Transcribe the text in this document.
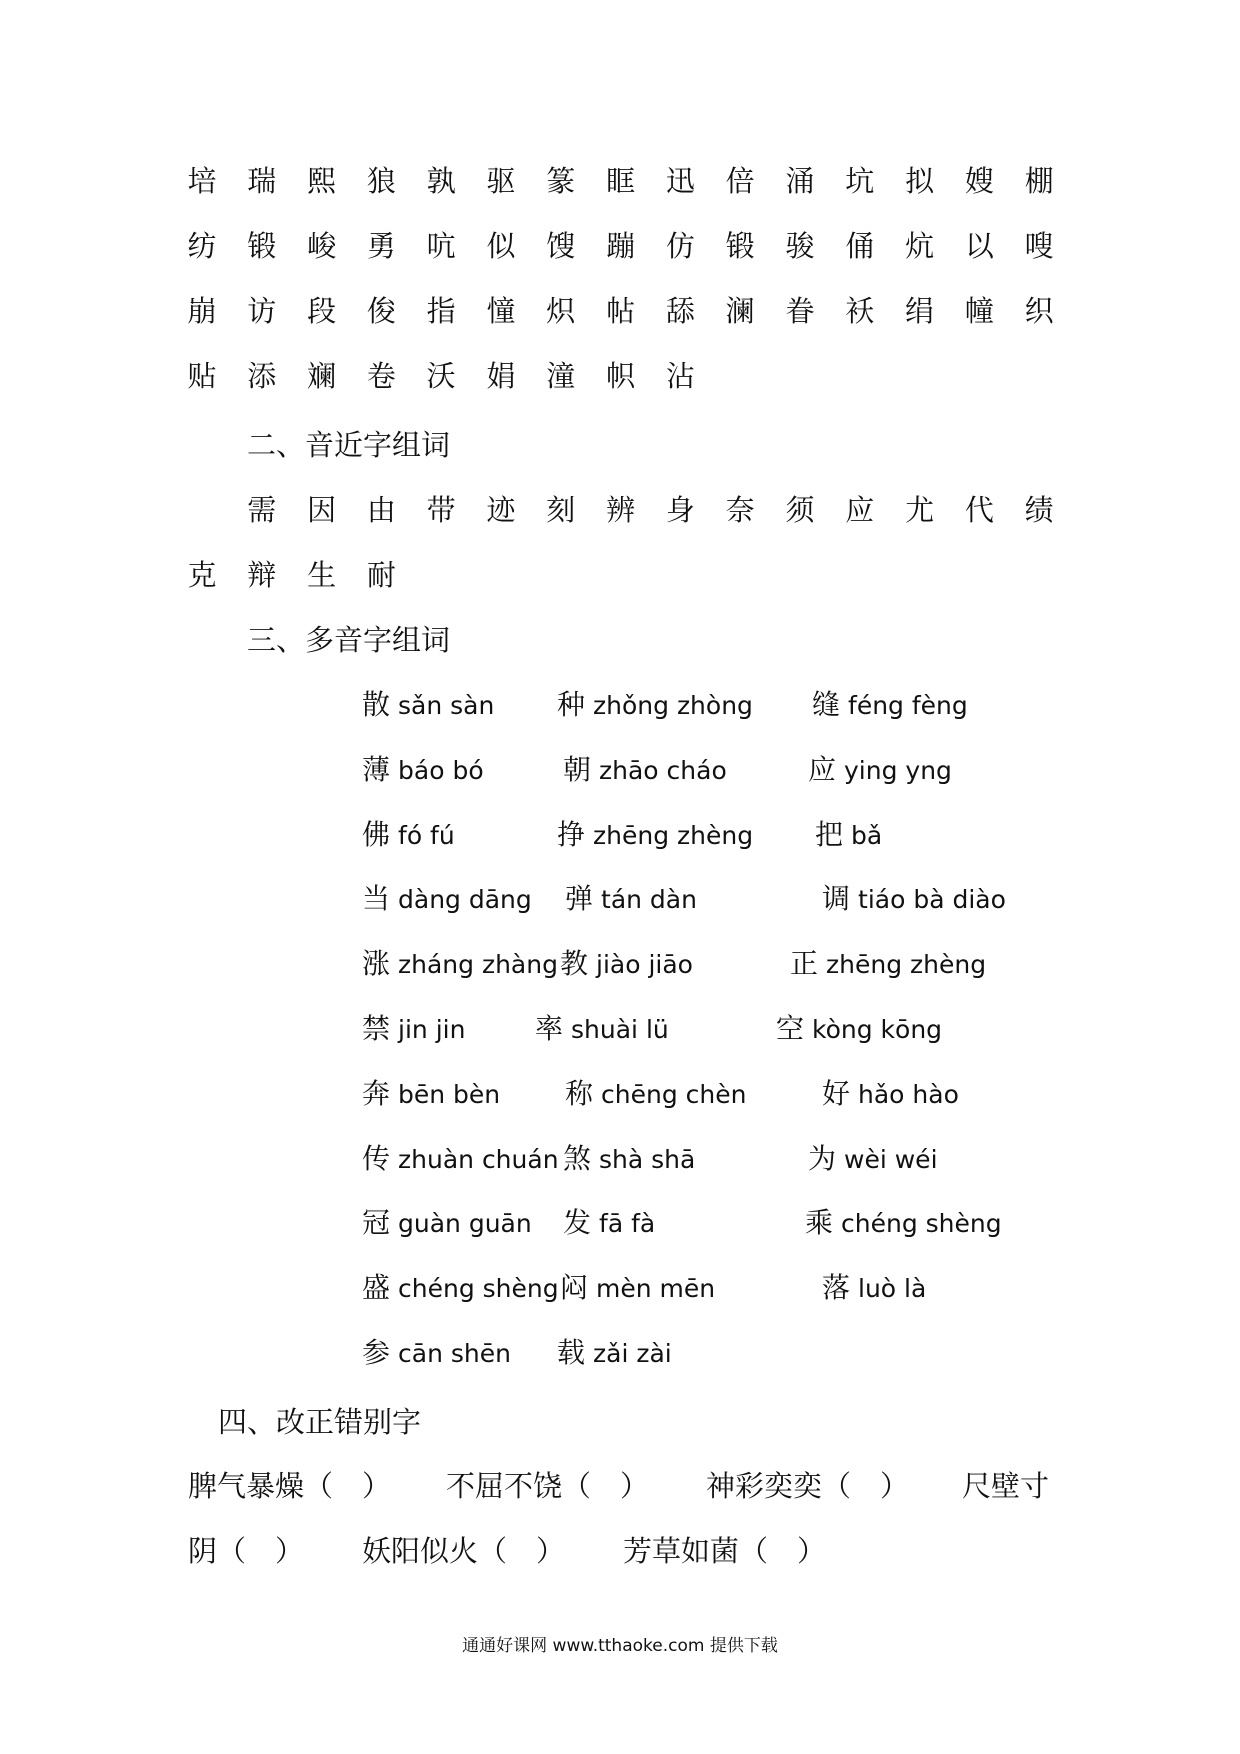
培	瑞	熙	狼	孰	驱	篆	眶	迅	倍	涌	坑	拟	嫂	棚
纺	锻	峻	勇	吭	似	馊	蹦	仿	锻	骏	俑	炕	以	嗖
崩	访	段	俊	指	憧	炽	帖	舔	澜	眷	袄	绢	幢	织
贴	添	斓	卷	沃	娟	潼	帜	沾
二、音近字组词
需	因	由	带	迹	刻	辨	身	奈	须	应	尤	代	绩
克	辩	生	耐
三、多音字组词
散 sǎn sàn 种 zhǒng zhòng 缝 féng fèng
薄 báo bó	朝 zhāo cháo	应 ying yng
佛 fó fú	挣 zhēng zhèng 把 bǎ
当 dàng dāng 弹 tán dàn	调 tiáo bà diào
涨 zháng zhàng 教 jiào jiāo	正 zhēng zhèng
禁 jin jin 率 shuài lü	空 kòng kōng
奔 bēn bèn 称 chēng chèn	好 hǎo hào
传 zhuàn chuán 煞 shà shā	为 wèi wéi
冠 guàn guān 发 fā fà	乘 chéng shèng
盛 chéng shèng 闷 mèn mēn	落 luò là
参 cān shēn 载 zǎi zài
四、改正错别字
脾气暴燥（　） 不屈不饶（　） 神彩奕奕（　） 尺壁寸
阴（　） 妖阳似火（　） 芳草如菌（　）
通通好课网 www.tthaoke.com 提供下载
